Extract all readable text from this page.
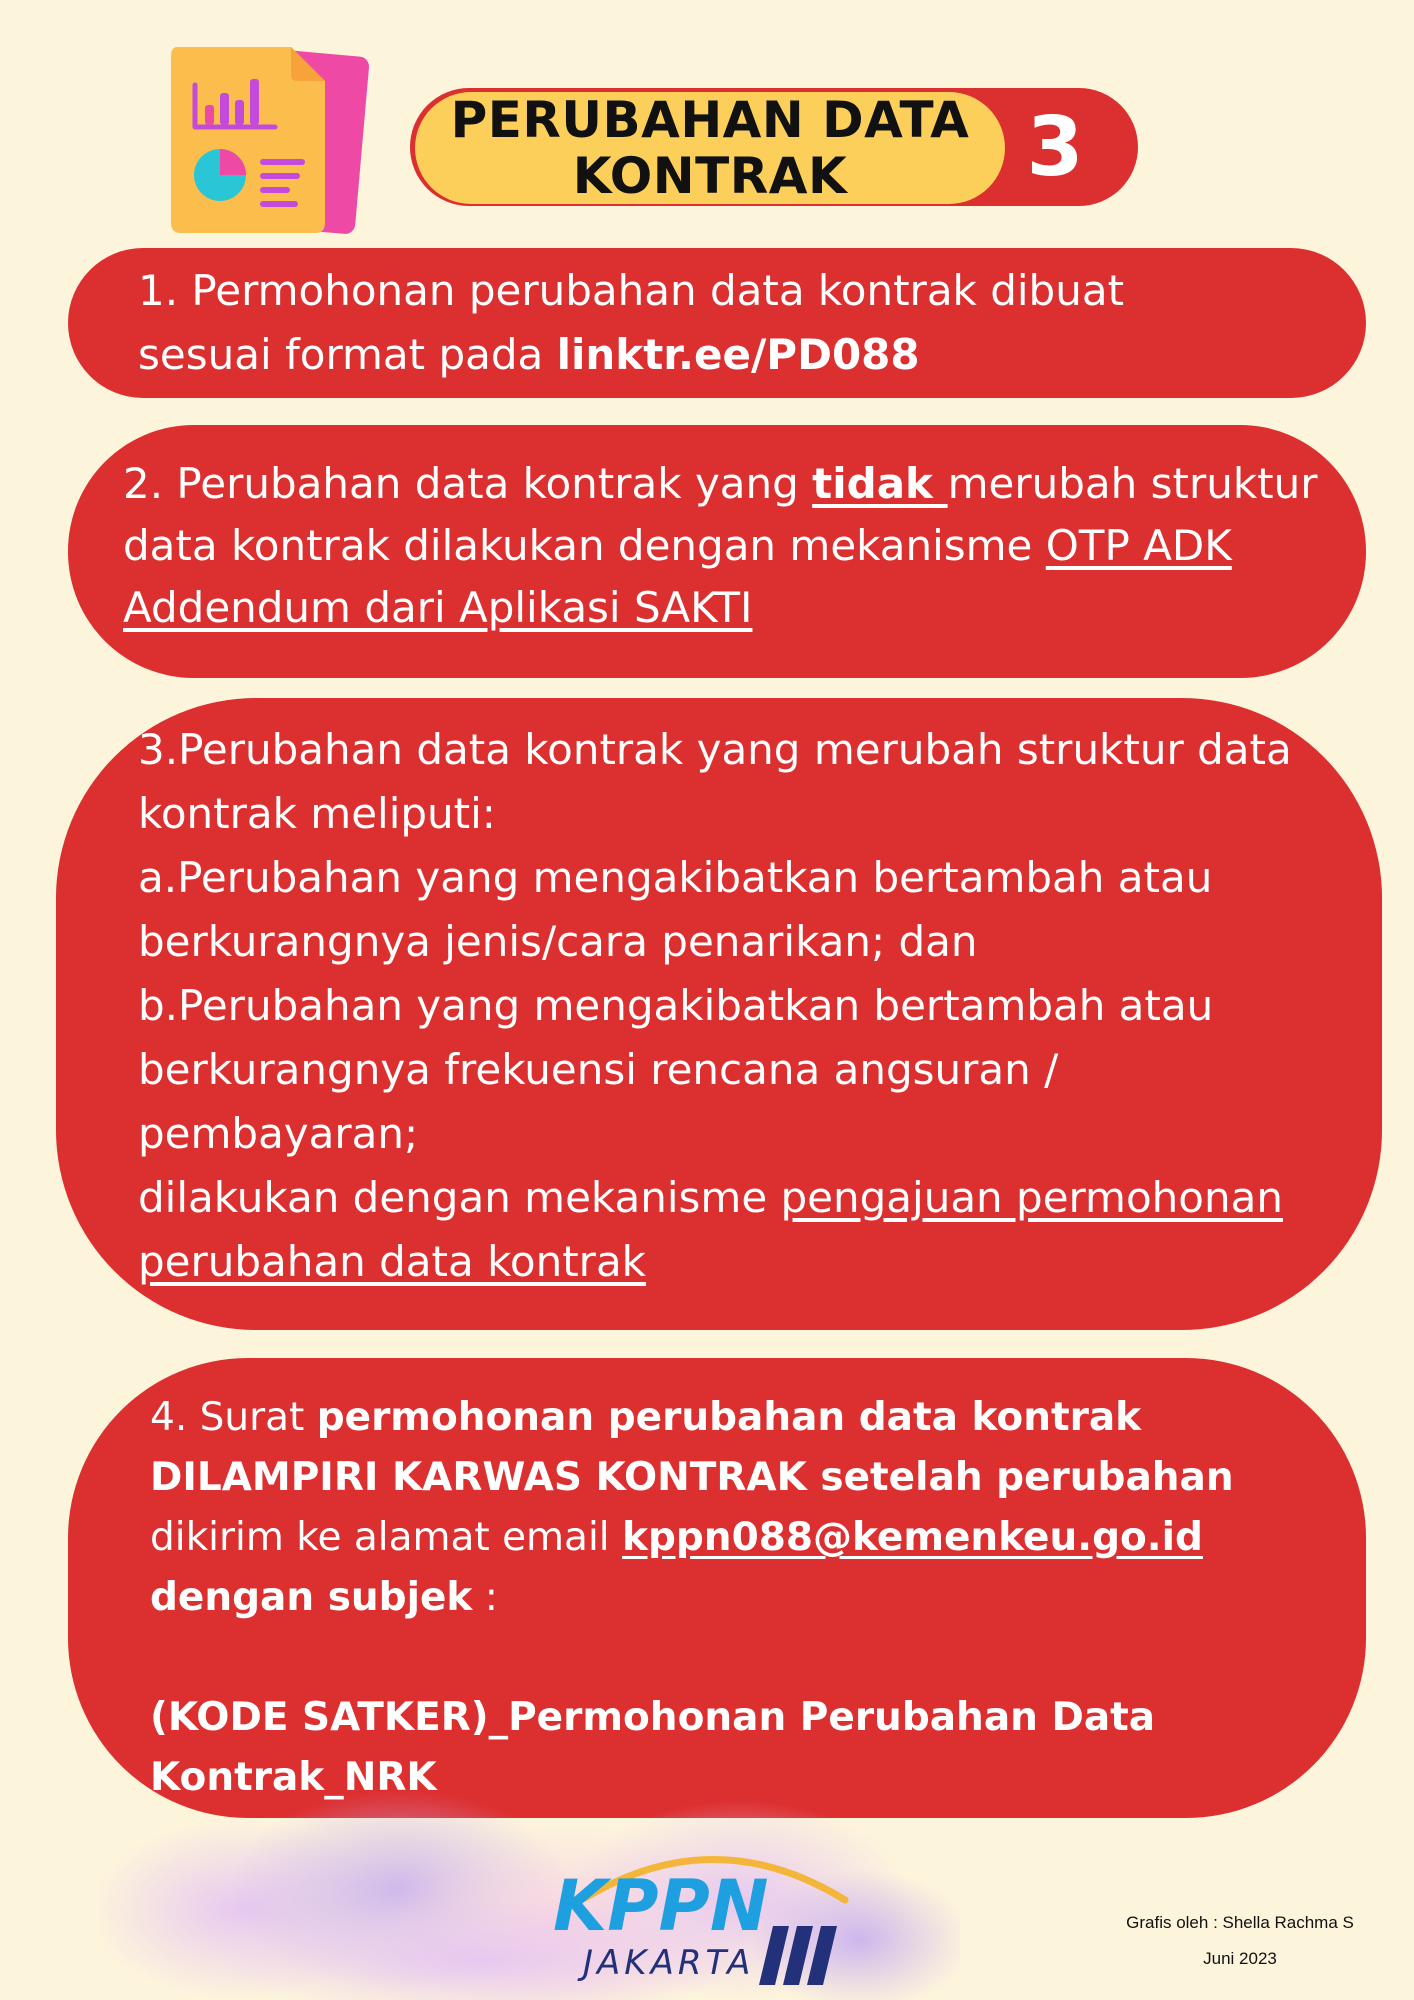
PERUBAHAN DATA
KONTRAK	3

1. Permohonan perubahan data kontrak dibuat
sesuai format pada linktr.ee/PD088

2. Perubahan data kontrak yang tidak merubah struktur
data kontrak dilakukan dengan mekanisme OTP ADK
Addendum dari Aplikasi SAKTI

3.Perubahan data kontrak yang merubah struktur data
kontrak meliputi:
a.Perubahan yang mengakibatkan bertambah atau
berkurangnya jenis/cara penarikan; dan
b.Perubahan yang mengakibatkan bertambah atau
berkurangnya frekuensi rencana angsuran /
pembayaran;
dilakukan dengan mekanisme pengajuan permohonan
perubahan data kontrak

4. Surat permohonan perubahan data kontrak
DILAMPIRI KARWAS KONTRAK setelah perubahan
dikirim ke alamat email kppn088@kemenkeu.go.id
dengan subjek :

(KODE SATKER)_Permohonan Perubahan Data
Kontrak_NRK

KPPN
JAKARTA
Grafis oleh : Shella Rachma S
Juni 2023
